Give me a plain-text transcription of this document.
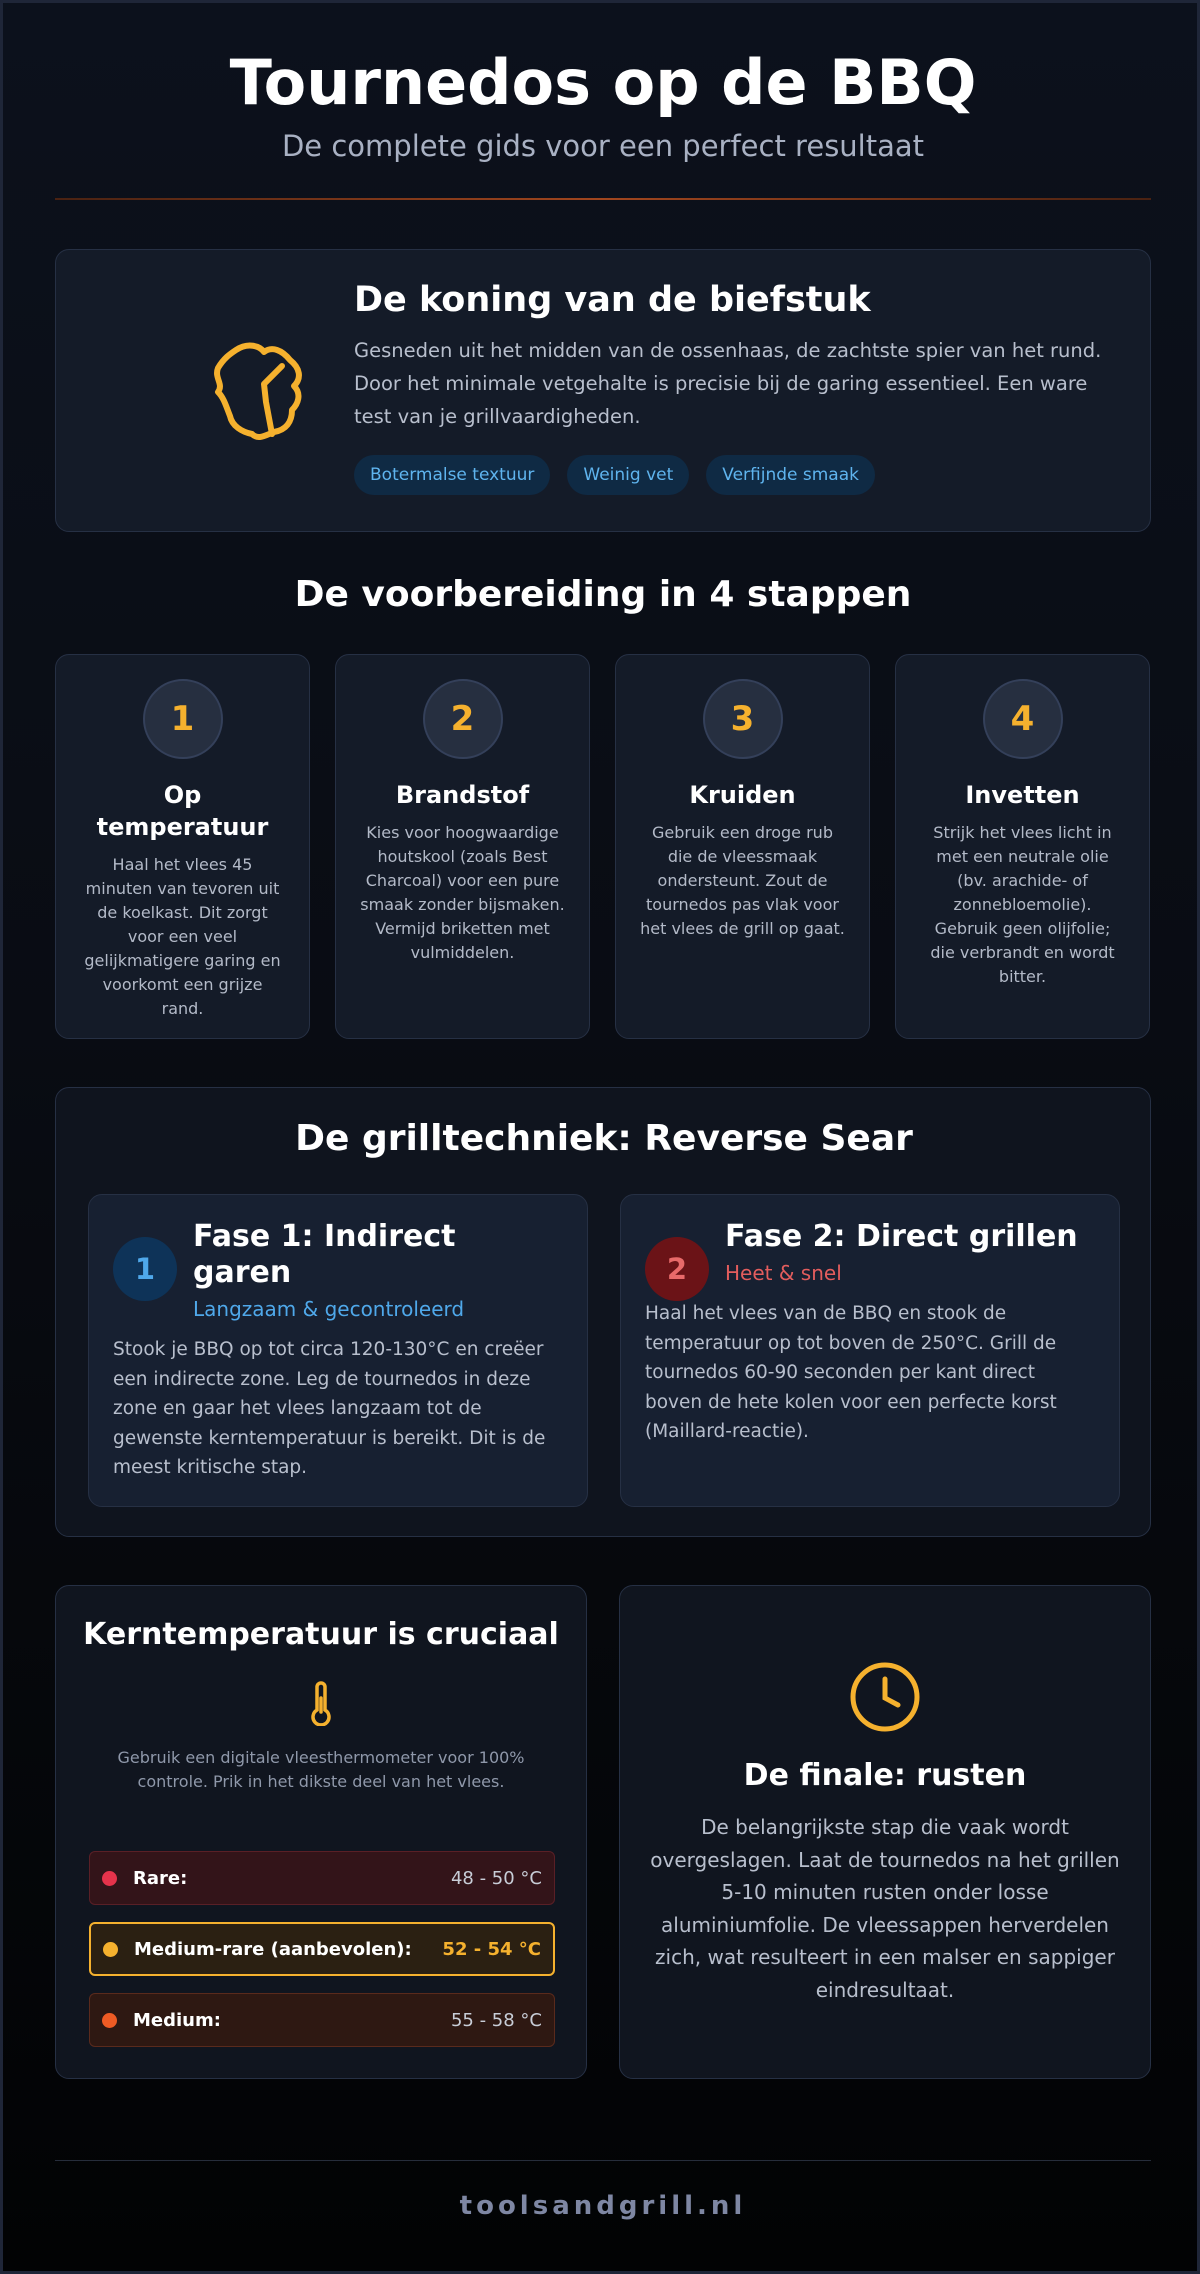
Tournedos op de BBQ

De complete gids voor een perfect resultaat

De koning van de biefstuk

Gesneden uit het midden van de ossenhaas, de zachtste spier van het rund. Door het minimale vetgehalte is precisie bij de garing essentieel. Een ware test van je grillvaardigheden.

Botermalse textuur	Weinig vet	Verfijnde smaak
De voorbereiding in 4 stappen
1
Op temperatuur

Haal het vlees 45 minuten van tevoren uit de koelkast. Dit zorgt voor een veel gelijkmatigere garing en voorkomt een grijze rand.

2
Brandstof

Kies voor hoogwaardige houtskool (zoals Best Charcoal) voor een pure smaak zonder bijsmaken. Vermijd briketten met vulmiddelen.

3
Kruiden

Gebruik een droge rub die de vleessmaak ondersteunt. Zout de tournedos pas vlak voor het vlees de grill op gaat.

4
Invetten

Strijk het vlees licht in met een neutrale olie (bv. arachide- of zonnebloemolie). Gebruik geen olijfolie; die verbrandt en wordt bitter.

De grilltechniek: Reverse Sear
1
Fase 1: Indirect garen
Langzaam & gecontroleerd

Stook je BBQ op tot circa 120-130°C en creëer een indirecte zone. Leg de tournedos in deze zone en gaar het vlees langzaam tot de gewenste kerntemperatuur is bereikt. Dit is de meest kritische stap.

2
Fase 2: Direct grillen
Heet & snel

Haal het vlees van de BBQ en stook de temperatuur op tot boven de 250°C. Grill de tournedos 60-90 seconden per kant direct boven de hete kolen voor een perfecte korst (Maillard-reactie).

Kerntemperatuur is cruciaal

Gebruik een digitale vleesthermometer voor 100% controle. Prik in het dikste deel van het vlees.

Rare:	48 - 50 °C
Medium-rare (aanbevolen):	52 - 54 °C
Medium:	55 - 58 °C
De finale: rusten

De belangrijkste stap die vaak wordt overgeslagen. Laat de tournedos na het grillen 5-10 minuten rusten onder losse aluminiumfolie. De vleessappen herverdelen zich, wat resulteert in een malser en sappiger eindresultaat.

toolsandgrill.nl
